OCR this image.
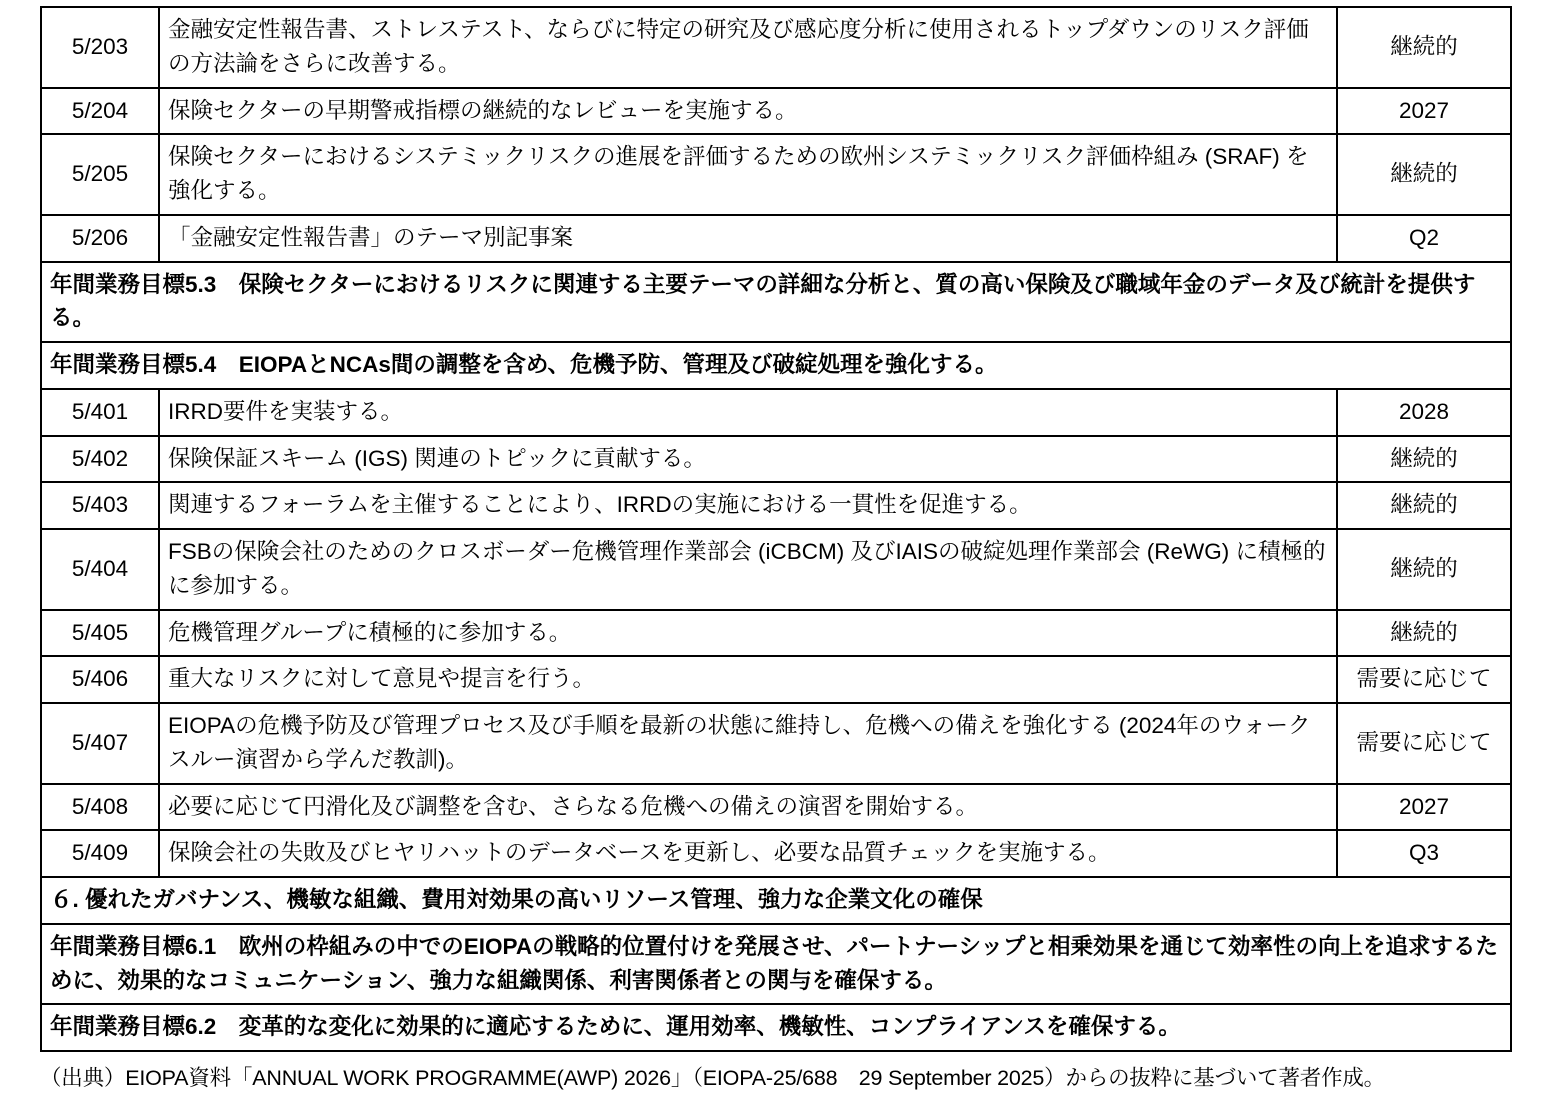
5/203	金融安定性報告書、ストレステスト、ならびに特定の研究及び感応度分析に使用されるトップダウンのリスク評価の方法論をさらに改善する。	継続的
5/204	保険セクターの早期警戒指標の継続的なレビューを実施する。	2027
5/205	保険セクターにおけるシステミックリスクの進展を評価するための欧州システミックリスク評価枠組み (SRAF) を強化する。	継続的
5/206	「金融安定性報告書」のテーマ別記事案	Q2
年間業務目標5.3　保険セクターにおけるリスクに関連する主要テーマの詳細な分析と、質の高い保険及び職域年金のデータ及び統計を提供する。		
年間業務目標5.4　EIOPAとNCAs間の調整を含め、危機予防、管理及び破綻処理を強化する。		
5/401	IRRD要件を実装する。	2028
5/402	保険保証スキーム (IGS) 関連のトピックに貢献する。	継続的
5/403	関連するフォーラムを主催することにより、IRRDの実施における一貫性を促進する。	継続的
5/404	FSBの保険会社のためのクロスボーダー危機管理作業部会 (iCBCM) 及びIAISの破綻処理作業部会 (ReWG) に積極的に参加する。	継続的
5/405	危機管理グループに積極的に参加する。	継続的
5/406	重大なリスクに対して意見や提言を行う。	需要に応じて
5/407	EIOPAの危機予防及び管理プロセス及び手順を最新の状態に維持し、危機への備えを強化する (2024年のウォークスルー演習から学んだ教訓)。	需要に応じて
5/408	必要に応じて円滑化及び調整を含む、さらなる危機への備えの演習を開始する。	2027
5/409	保険会社の失敗及びヒヤリハットのデータベースを更新し、必要な品質チェックを実施する。	Q3
６. 優れたガバナンス、機敏な組織、費用対効果の高いリソース管理、強力な企業文化の確保		
年間業務目標6.1　欧州の枠組みの中でのEIOPAの戦略的位置付けを発展させ、パートナーシップと相乗効果を通じて効率性の向上を追求するために、効果的なコミュニケーション、強力な組織関係、利害関係者との関与を確保する。		
年間業務目標6.2　変革的な変化に効果的に適応するために、運用効率、機敏性、コンプライアンスを確保する。		
（出典）EIOPA資料「ANNUAL WORK PROGRAMME(AWP) 2026」（EIOPA-25/688　29 September 2025）からの抜粋に基づいて著者作成。
